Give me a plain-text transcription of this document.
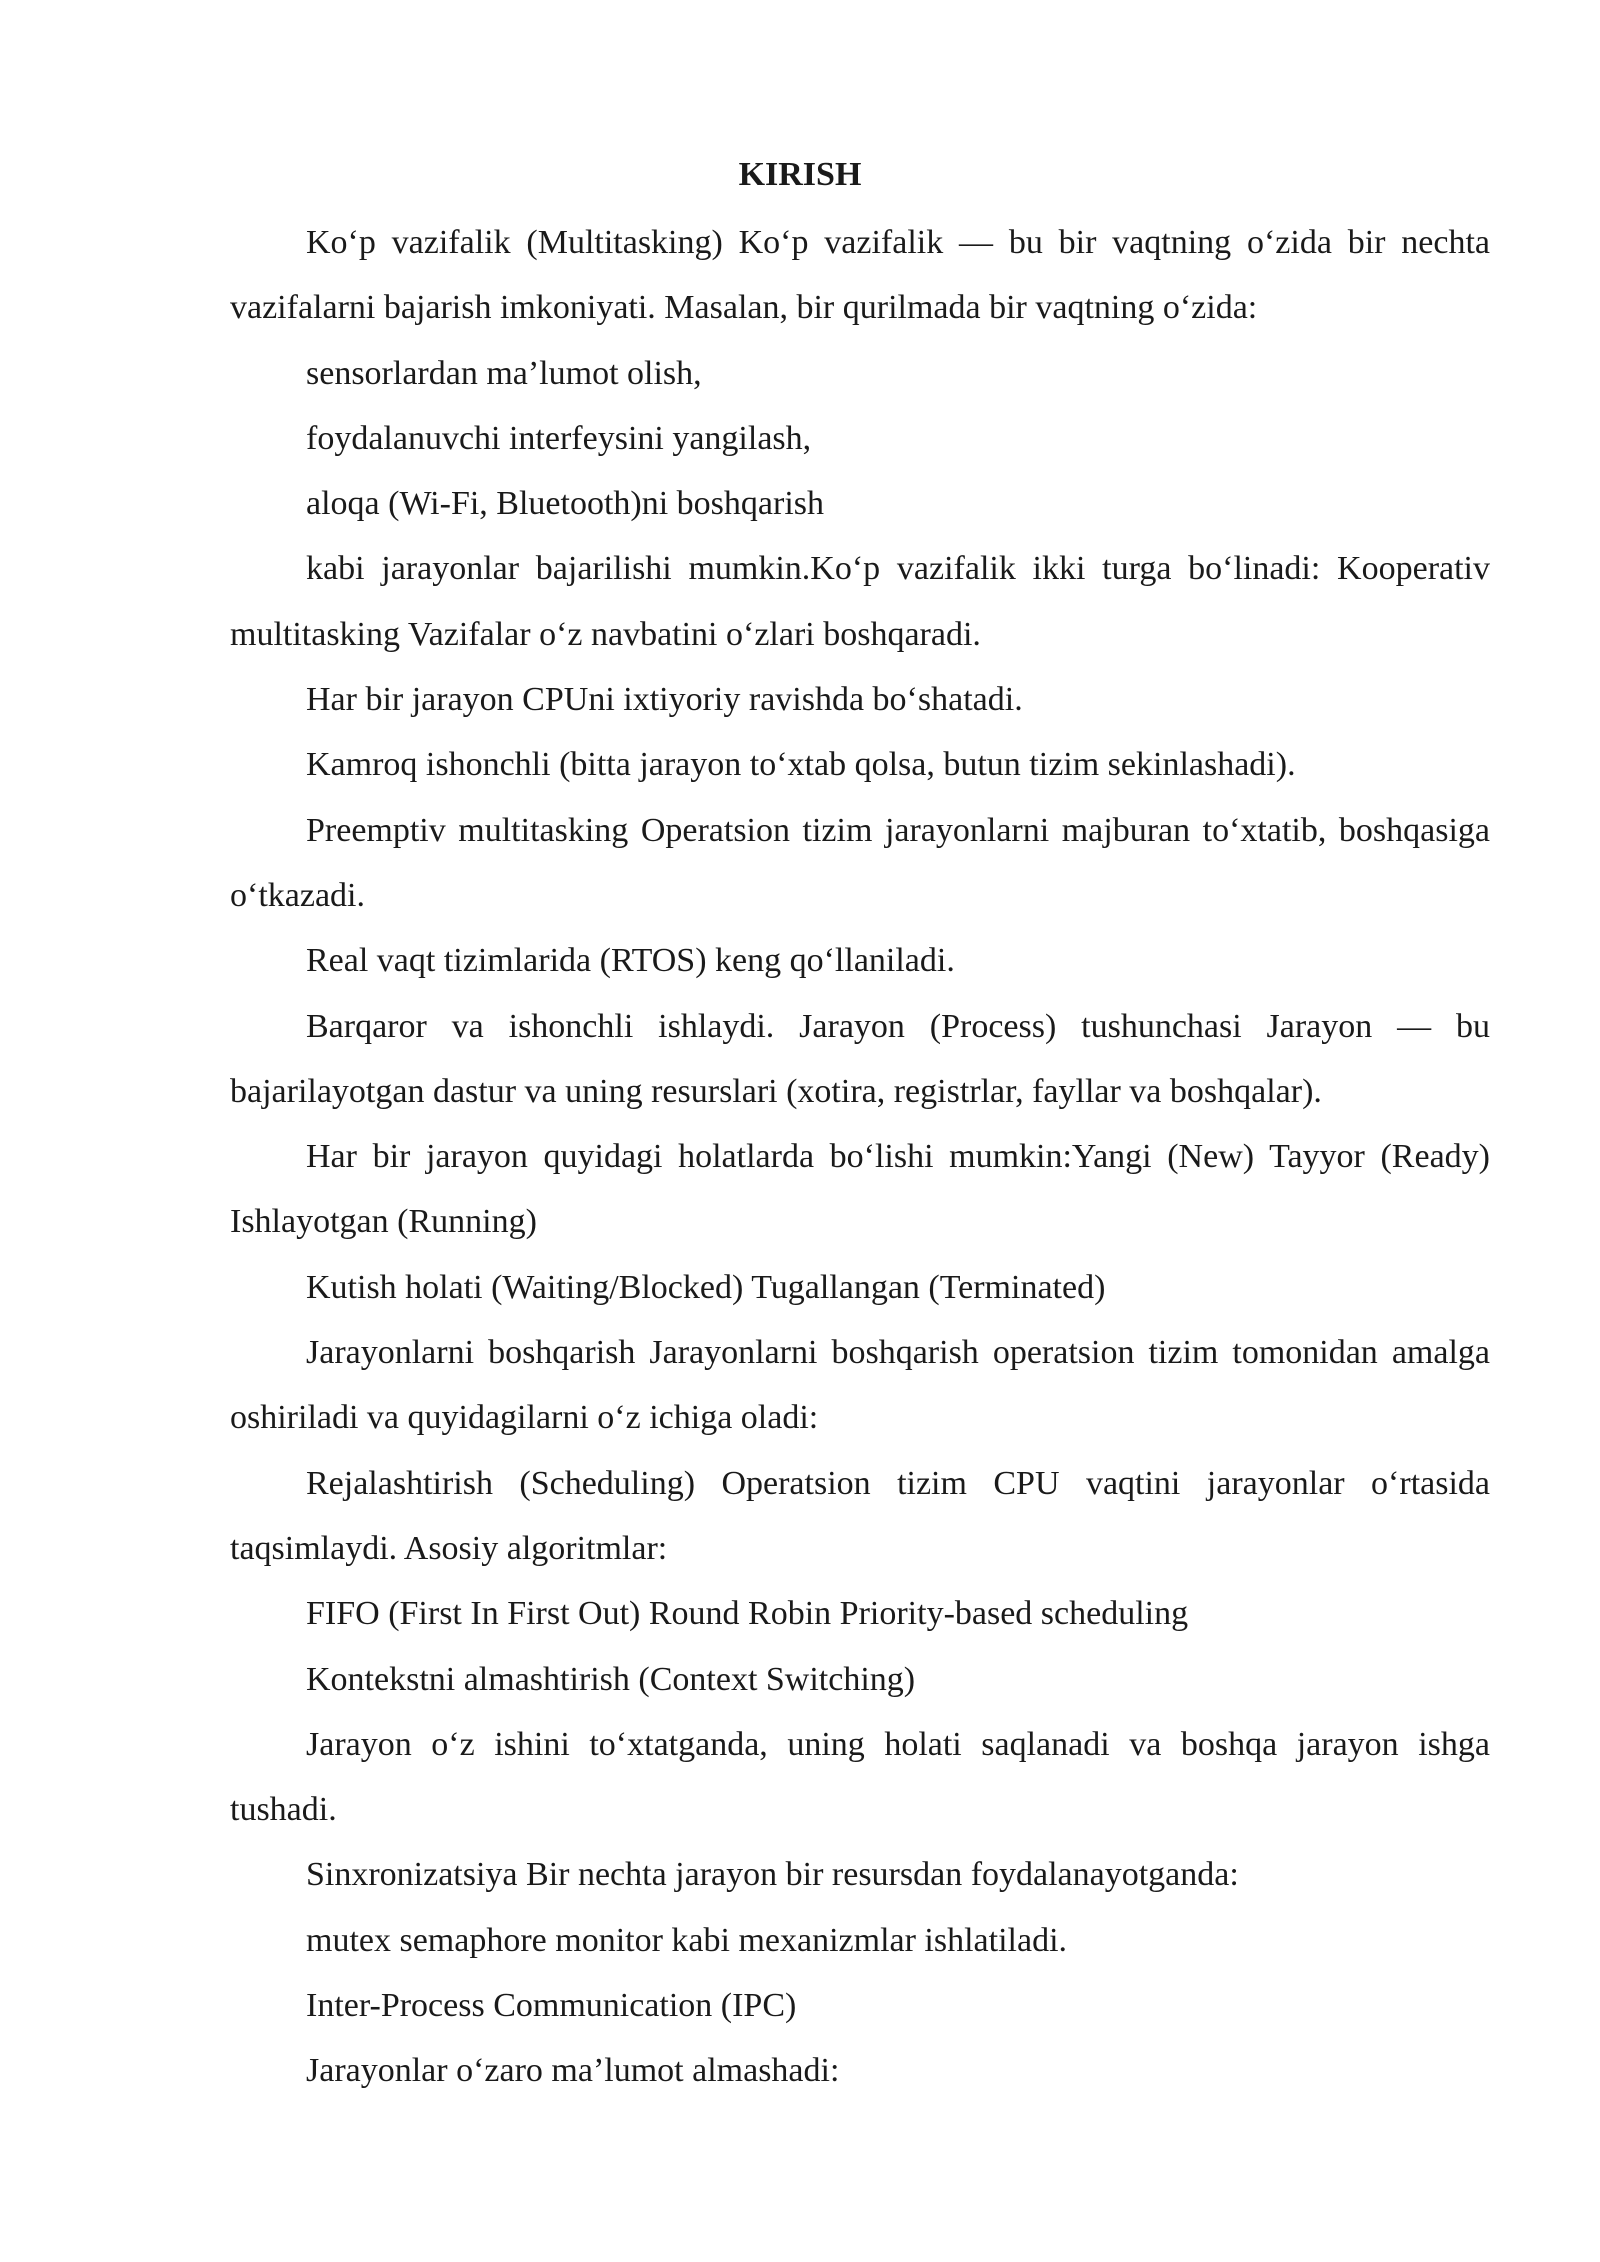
KIRISH

Ko‘p vazifalik (Multitasking) Ko‘p vazifalik — bu bir vaqtning o‘zida bir nechta vazifalarni bajarish imkoniyati. Masalan, bir qurilmada bir vaqtning o‘zida:

sensorlardan ma’lumot olish,

foydalanuvchi interfeysini yangilash,

aloqa (Wi-Fi, Bluetooth)ni boshqarish

kabi jarayonlar bajarilishi mumkin.Ko‘p vazifalik ikki turga bo‘linadi: Kooperativ multitasking Vazifalar o‘z navbatini o‘zlari boshqaradi.

Har bir jarayon CPUni ixtiyoriy ravishda bo‘shatadi.

Kamroq ishonchli (bitta jarayon to‘xtab qolsa, butun tizim sekinlashadi).

Preemptiv multitasking Operatsion tizim jarayonlarni majburan to‘xtatib, boshqasiga o‘tkazadi.

Real vaqt tizimlarida (RTOS) keng qo‘llaniladi.

Barqaror va ishonchli ishlaydi. Jarayon (Process) tushunchasi Jarayon — bu bajarilayotgan dastur va uning resurslari (xotira, registrlar, fayllar va boshqalar).

Har bir jarayon quyidagi holatlarda bo‘lishi mumkin:Yangi (New) Tayyor (Ready) Ishlayotgan (Running)

Kutish holati (Waiting/Blocked) Tugallangan (Terminated)

Jarayonlarni boshqarish Jarayonlarni boshqarish operatsion tizim tomonidan amalga oshiriladi va quyidagilarni o‘z ichiga oladi:

Rejalashtirish (Scheduling) Operatsion tizim CPU vaqtini jarayonlar o‘rtasida taqsimlaydi. Asosiy algoritmlar:

FIFO (First In First Out) Round Robin Priority-based scheduling

Kontekstni almashtirish (Context Switching)

Jarayon o‘z ishini to‘xtatganda, uning holati saqlanadi va boshqa jarayon ishga tushadi.

Sinxronizatsiya Bir nechta jarayon bir resursdan foydalanayotganda:

mutex semaphore monitor kabi mexanizmlar ishlatiladi.

Inter-Process Communication (IPC)

Jarayonlar o‘zaro ma’lumot almashadi:
